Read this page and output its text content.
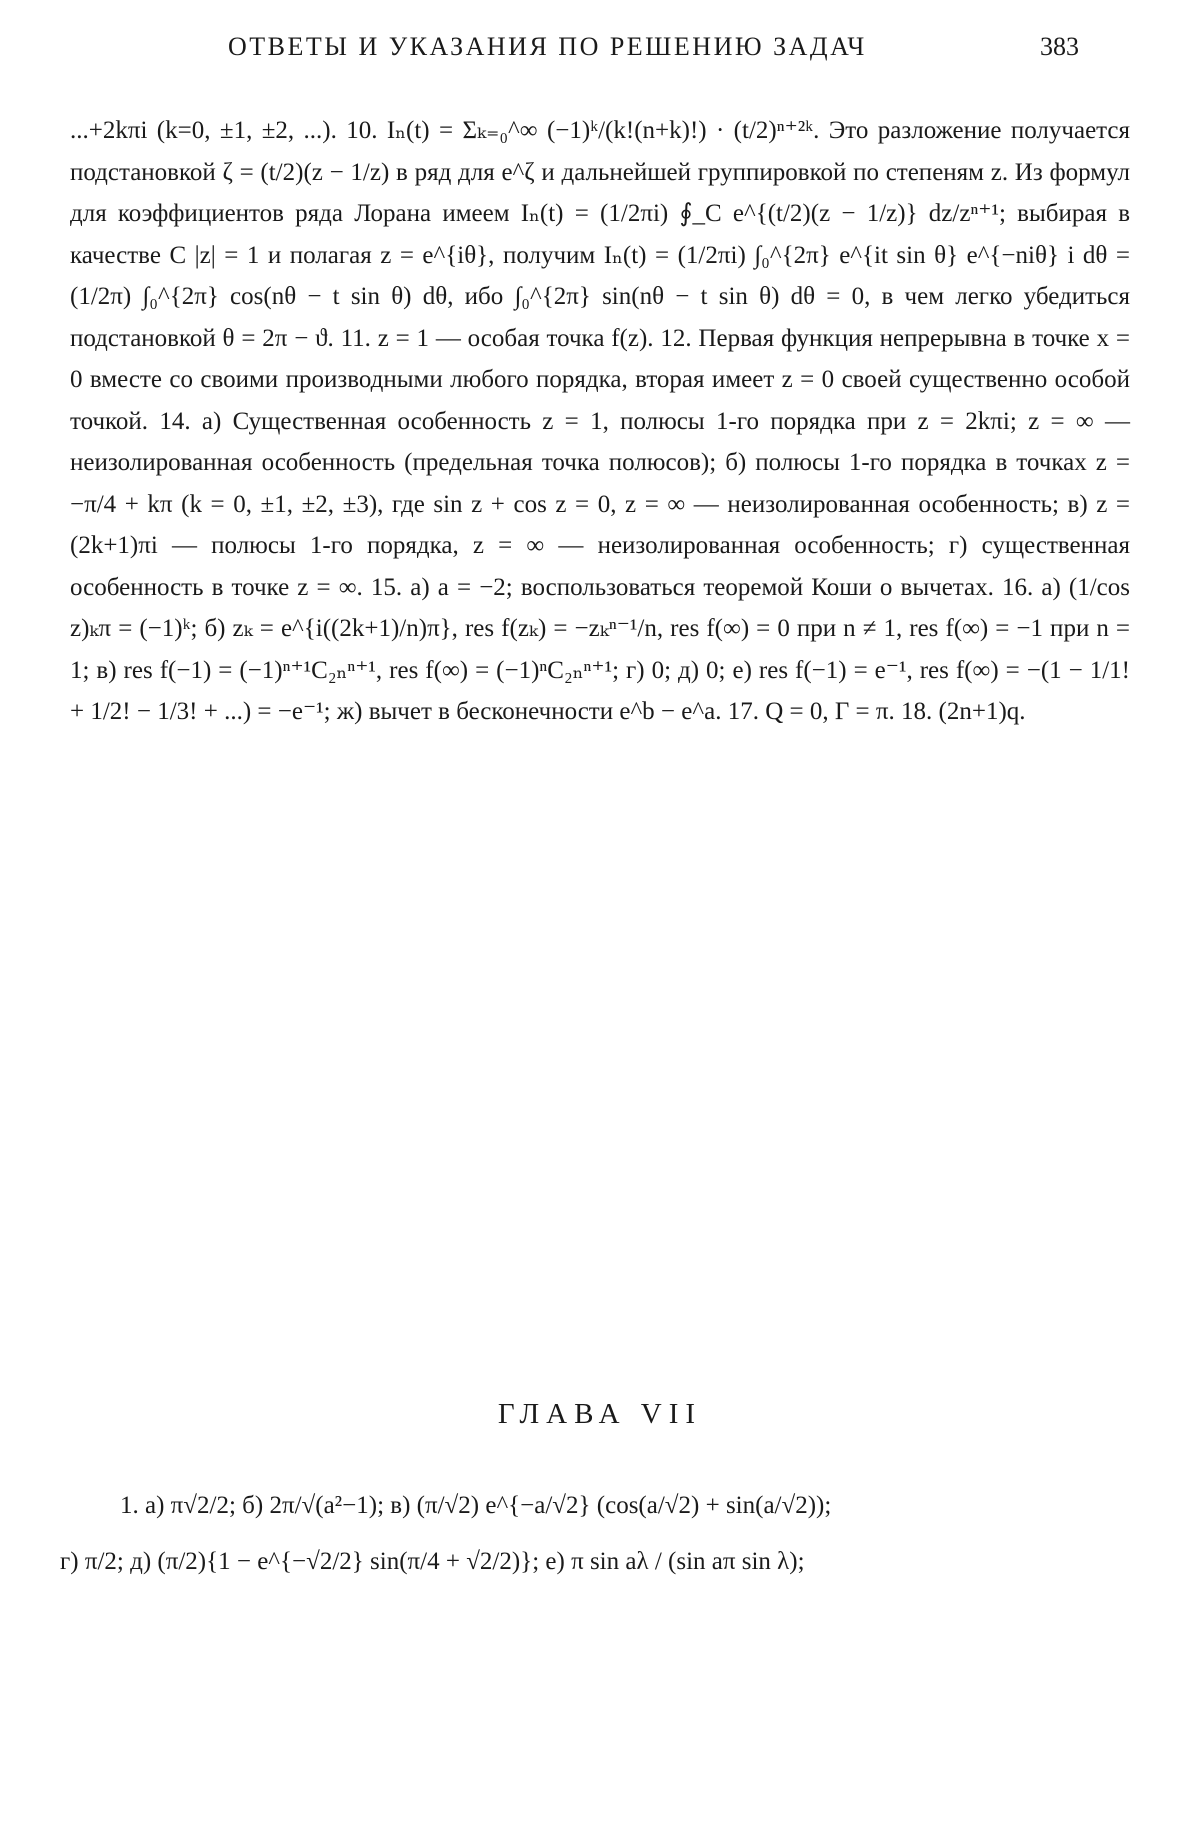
ОТВЕТЫ И УКАЗАНИЯ ПО РЕШЕНИЮ ЗАДАЧ	383

...+2kπi (k=0, ±1, ±2, ...). 10. Iₙ(t) = Σₖ₌₀^∞ (−1)ᵏ/(k!(n+k)!) · (t/2)ⁿ⁺²ᵏ. Это разложение получается подстановкой ζ = (t/2)(z − 1/z) в ряд для e^ζ и дальнейшей группировкой по степеням z. Из формул для коэффициентов ряда Лорана имеем Iₙ(t) = (1/2πi) ∮_C e^{(t/2)(z − 1/z)} dz/zⁿ⁺¹; выбирая в качестве C |z| = 1 и полагая z = e^{iθ}, получим Iₙ(t) = (1/2πi) ∫₀^{2π} e^{it sin θ} e^{−niθ} i dθ = (1/2π) ∫₀^{2π} cos(nθ − t sin θ) dθ, ибо ∫₀^{2π} sin(nθ − t sin θ) dθ = 0, в чем легко убедиться подстановкой θ = 2π − ϑ. 11. z = 1 — особая точка f(z). 12. Первая функция непрерывна в точке x = 0 вместе со своими производными любого порядка, вторая имеет z = 0 своей существенно особой точкой. 14. а) Существенная особенность z = 1, полюсы 1-го порядка при z = 2kπi; z = ∞ — неизолированная особенность (предельная точка полюсов); б) полюсы 1-го порядка в точках z = −π/4 + kπ (k = 0, ±1, ±2, ±3), где sin z + cos z = 0, z = ∞ — неизолированная особенность; в) z = (2k+1)πi — полюсы 1-го порядка, z = ∞ — неизолированная особенность; г) существенная особенность в точке z = ∞. 15. а) a = −2; воспользоваться теоремой Коши о вычетах. 16. а) (1/cos z)ₖπ = (−1)ᵏ; б) zₖ = e^{i((2k+1)/n)π}, res f(zₖ) = −zₖⁿ⁻¹/n, res f(∞) = 0 при n ≠ 1, res f(∞) = −1 при n = 1; в) res f(−1) = (−1)ⁿ⁺¹C₂ₙⁿ⁺¹, res f(∞) = (−1)ⁿC₂ₙⁿ⁺¹; г) 0; д) 0; е) res f(−1) = e⁻¹, res f(∞) = −(1 − 1/1! + 1/2! − 1/3! + ...) = −e⁻¹; ж) вычет в бесконечности e^b − e^a. 17. Q = 0, Γ = π. 18. (2n+1)q.

ГЛАВА VII

1. а) π√2/2; б) 2π/√(a²−1); в) (π/√2) e^{−a/√2} (cos(a/√2) + sin(a/√2));

г) π/2; д) (π/2){1 − e^{−√2/2} sin(π/4 + √2/2)}; е) π sin aλ / (sin aπ sin λ);
